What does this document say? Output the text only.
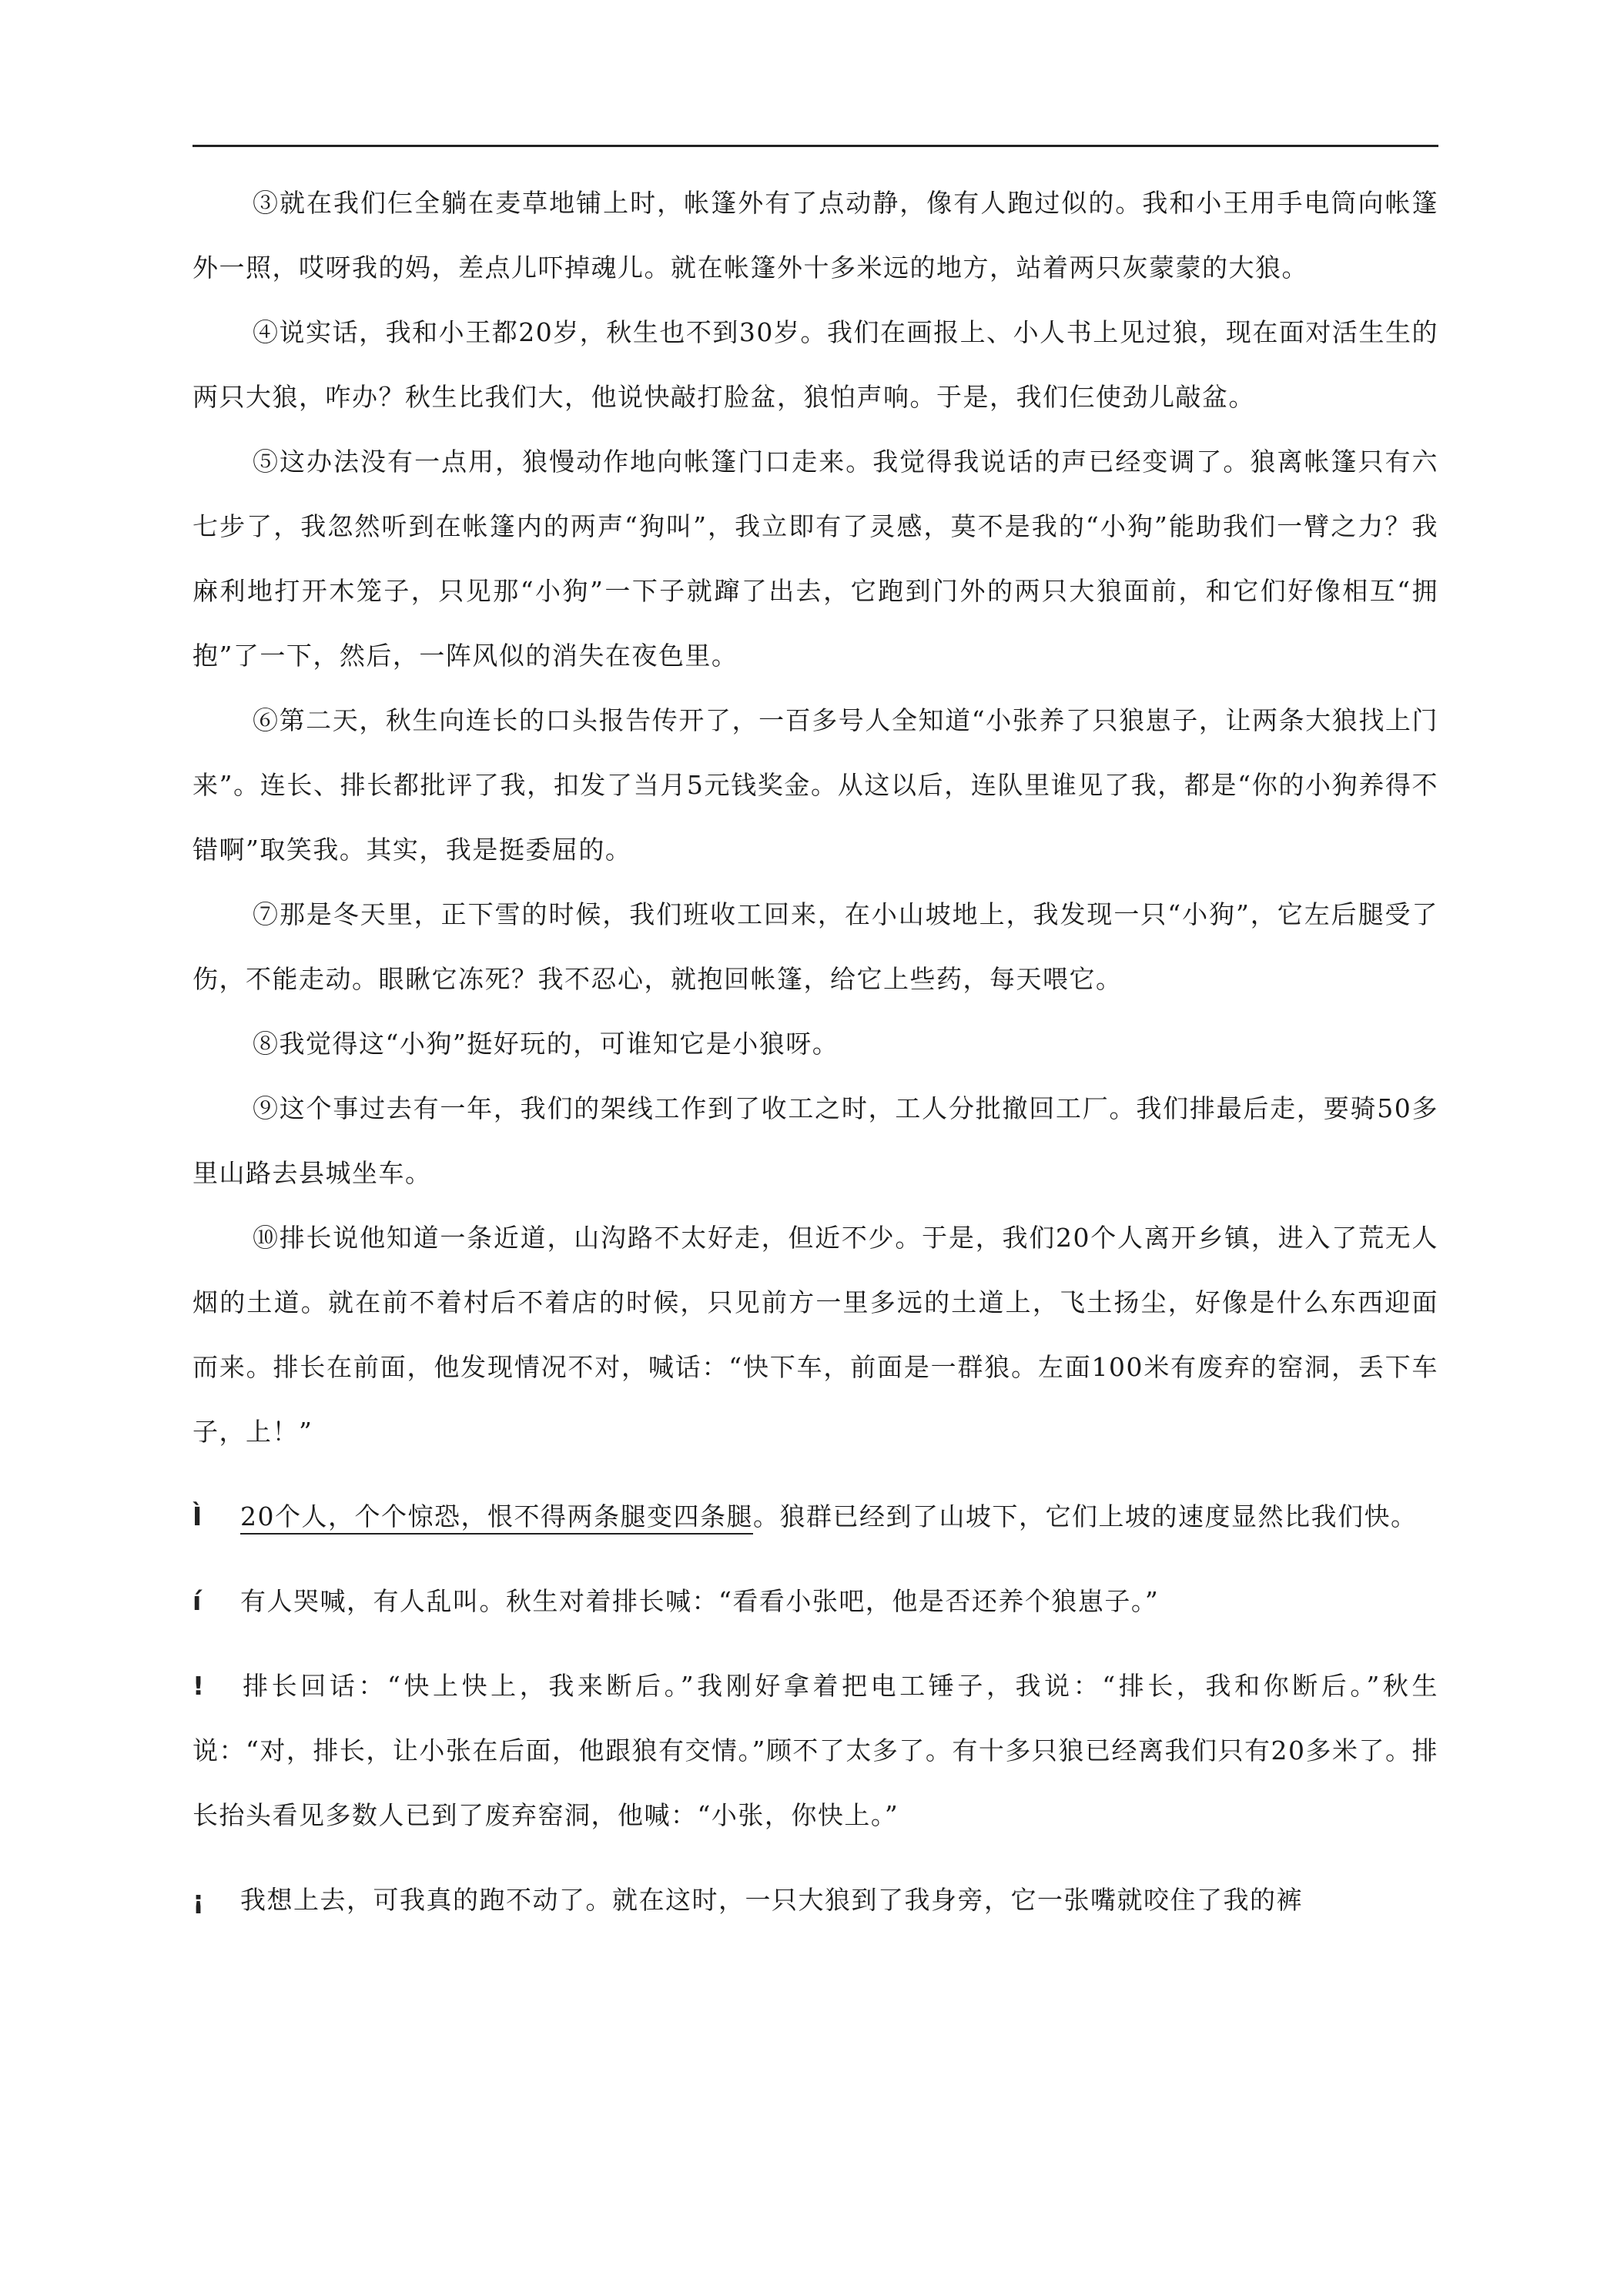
③就在我们仨全躺在麦草地铺上时，帐篷外有了点动静，像有人跑过似的。我和小王用手电筒向帐篷外一照，哎呀我的妈，差点儿吓掉魂儿。就在帐篷外十多米远的地方，站着两只灰蒙蒙的大狼。

④说实话，我和小王都20岁，秋生也不到30岁。我们在画报上、小人书上见过狼，现在面对活生生的两只大狼，咋办？秋生比我们大，他说快敲打脸盆，狼怕声响。于是，我们仨使劲儿敲盆。

⑤这办法没有一点用，狼慢动作地向帐篷门口走来。我觉得我说话的声已经变调了。狼离帐篷只有六七步了，我忽然听到在帐篷内的两声“狗叫”，我立即有了灵感，莫不是我的“小狗”能助我们一臂之力？我麻利地打开木笼子，只见那“小狗”一下子就蹿了出去，它跑到门外的两只大狼面前，和它们好像相互“拥抱”了一下，然后，一阵风似的消失在夜色里。

⑥第二天，秋生向连长的口头报告传开了，一百多号人全知道“小张养了只狼崽子，让两条大狼找上门来”。连长、排长都批评了我，扣发了当月5元钱奖金。从这以后，连队里谁见了我，都是“你的小狗养得不错啊”取笑我。其实，我是挺委屈的。

⑦那是冬天里，正下雪的时候，我们班收工回来，在小山坡地上，我发现一只“小狗”，它左后腿受了伤，不能走动。眼瞅它冻死？我不忍心，就抱回帐篷，给它上些药，每天喂它。

⑧我觉得这“小狗”挺好玩的，可谁知它是小狼呀。

⑨这个事过去有一年，我们的架线工作到了收工之时，工人分批撤回工厂。我们排最后走，要骑50多里山路去县城坐车。

⑩排长说他知道一条近道，山沟路不太好走，但近不少。于是，我们20个人离开乡镇，进入了荒无人烟的土道。就在前不着村后不着店的时候，只见前方一里多远的土道上，飞土扬尘，好像是什么东西迎面而来。排长在前面，他发现情况不对，喊话：“快下车，前面是一群狼。左面100米有废弃的窑洞，丢下车子，上！”

Ì 20个人，个个惊恐，恨不得两条腿变四条腿。狼群已经到了山坡下，它们上坡的速度显然比我们快。

í 有人哭喊，有人乱叫。秋生对着排长喊：“看看小张吧，他是否还养个狼崽子。”

! 排长回话：“快上快上，我来断后。”我刚好拿着把电工锤子，我说：“排长，我和你断后。”秋生说：“对，排长，让小张在后面，他跟狼有交情。”顾不了太多了。有十多只狼已经离我们只有20多米了。排长抬头看见多数人已到了废弃窑洞，他喊：“小张，你快上。”

¡ 我想上去，可我真的跑不动了。就在这时，一只大狼到了我身旁，它一张嘴就咬住了我的裤
